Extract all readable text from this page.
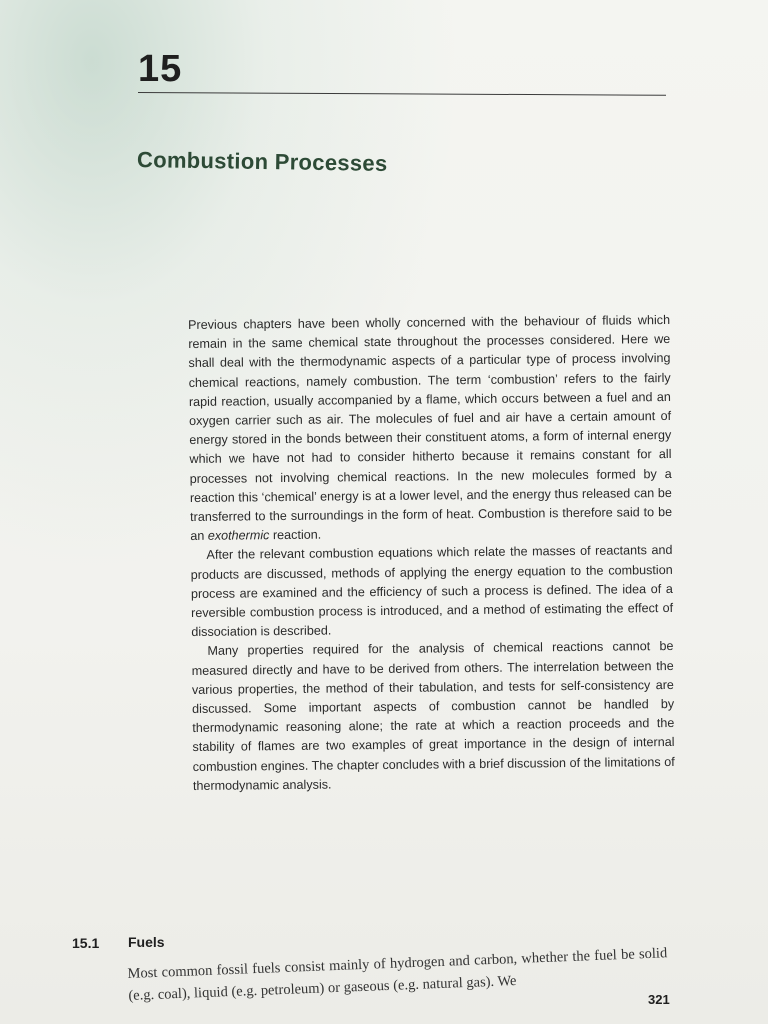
15
Combustion Processes

Previous chapters have been wholly concerned with the behaviour of fluids which remain in the same chemical state throughout the processes considered. Here we shall deal with the thermodynamic aspects of a particular type of process involving chemical reactions, namely combustion. The term ‘combustion’ refers to the fairly rapid reaction, usually accompanied by a flame, which occurs between a fuel and an oxygen carrier such as air. The molecules of fuel and air have a certain amount of energy stored in the bonds between their constituent atoms, a form of internal energy which we have not had to consider hitherto because it remains constant for all processes not involving chemical reactions. In the new molecules formed by a reaction this ‘chemical’ energy is at a lower level, and the energy thus released can be transferred to the surroundings in the form of heat. Combustion is therefore said to be an exothermic reaction.

After the relevant combustion equations which relate the masses of reactants and products are discussed, methods of applying the energy equation to the combustion process are examined and the efficiency of such a process is defined. The idea of a reversible combustion process is introduced, and a method of estimating the effect of dissociation is described.

Many properties required for the analysis of chemical reactions cannot be measured directly and have to be derived from others. The interrelation between the various properties, the method of their tabulation, and tests for self-consistency are discussed. Some important aspects of combustion cannot be handled by thermodynamic reasoning alone; the rate at which a reaction proceeds and the stability of flames are two examples of great importance in the design of internal combustion engines. The chapter concludes with a brief discussion of the limitations of thermodynamic analysis.

15.1 Fuels
Most common fossil fuels consist mainly of hydrogen and carbon, whether the fuel be solid (e.g. coal), liquid (e.g. petroleum) or gaseous (e.g. natural gas). We	321
